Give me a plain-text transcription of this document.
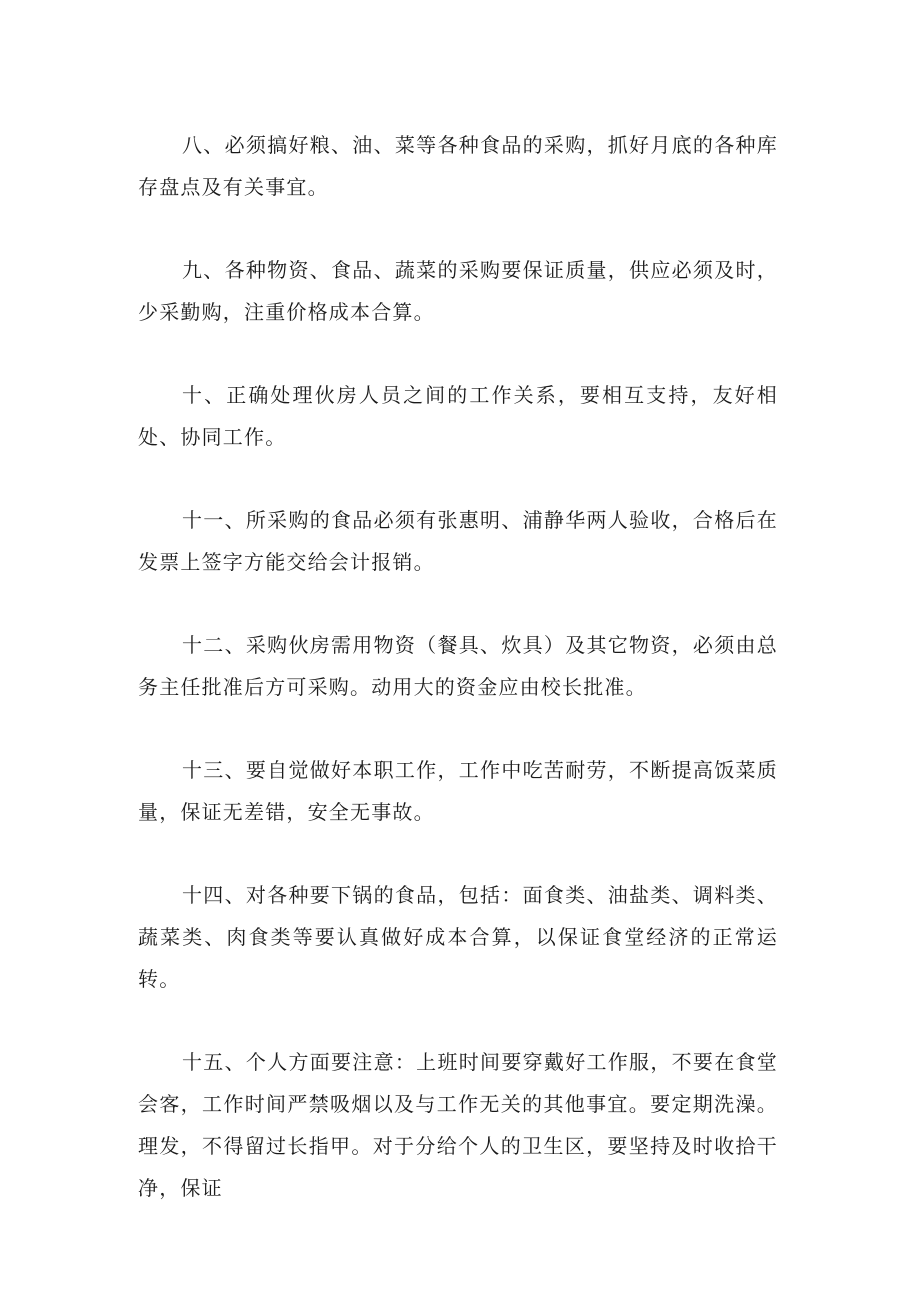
八、必须搞好粮、油、菜等各种食品的采购，抓好月底的各种库存盘点及有关事宜。

九、各种物资、食品、蔬菜的采购要保证质量，供应必须及时，少采勤购，注重价格成本合算。

十、正确处理伙房人员之间的工作关系，要相互支持，友好相处、协同工作。

十一、所采购的食品必须有张惠明、浦静华两人验收，合格后在发票上签字方能交给会计报销。

十二、采购伙房需用物资（餐具、炊具）及其它物资，必须由总务主任批准后方可采购。动用大的资金应由校长批准。

十三、要自觉做好本职工作，工作中吃苦耐劳，不断提高饭菜质量，保证无差错，安全无事故。

十四、对各种要下锅的食品，包括：面食类、油盐类、调料类、蔬菜类、肉食类等要认真做好成本合算，以保证食堂经济的正常运转。

十五、个人方面要注意：上班时间要穿戴好工作服，不要在食堂会客，工作时间严禁吸烟以及与工作无关的其他事宜。要定期洗澡。理发，不得留过长指甲。对于分给个人的卫生区，要坚持及时收拾干净，保证
